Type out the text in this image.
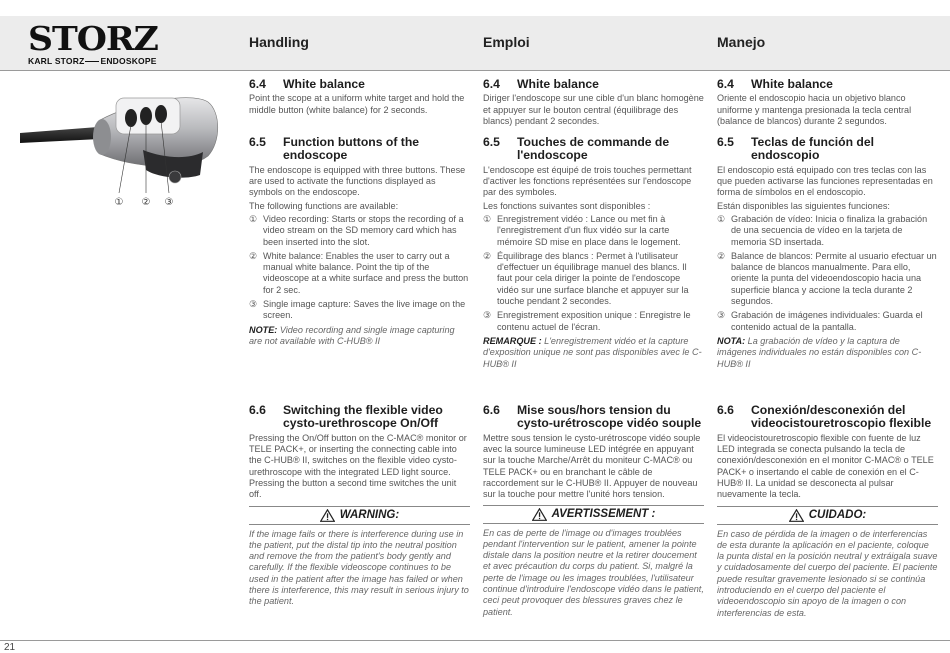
STORZ
KARL STORZ ENDOSKOPE
Handling	Emploi	Manejo
① ② ③
6.4	White balance

Point the scope at a uniform white target and hold the middle button (white balance) for 2 seconds.

6.5	Function buttons of the endoscope

The endoscope is equipped with three buttons. These are used to activate the functions displayed as symbols on the endoscope.

The following functions are available:

① Video recording: Starts or stops the recording of a video stream on the SD memory card which has been inserted into the slot.
② White balance: Enables the user to carry out a manual white balance. Point the tip of the videoscope at a white surface and press the button for 2 sec.
③ Single image capture: Saves the live image on the screen.
NOTE: Video recording and single image capturing are not available with C-HUB® II
6.6	Switching the flexible video cysto-urethroscope On/Off

Pressing the On/Off button on the C-MAC® monitor or TELE PACK+, or inserting the connecting cable into the C-HUB® II, switches on the flexible video cysto-urethroscope with the integrated LED light source. Pressing the button a second time switches the unit off.

WARNING:
If the image fails or there is interference during use in the patient, put the distal tip into the neutral position and remove the from the patient's body gently and carefully. If the flexible videoscope continues to be used in the patient after the image has failed or when there is interference, this may result in serious injury to the patient.
6.4	White balance

Diriger l'endoscope sur une cible d'un blanc homogène et appuyer sur le bouton central (équilibrage des blancs) pendant 2 secondes.

6.5	Touches de commande de l'endoscope

L'endoscope est équipé de trois touches permettant d'activer les fonctions représentées sur l'endoscope par des symboles.

Les fonctions suivantes sont disponibles :

① Enregistrement vidéo : Lance ou met fin à l'enregistrement d'un flux vidéo sur la carte mémoire SD mise en place dans le logement.
② Équilibrage des blancs : Permet à l'utilisateur d'effectuer un équilibrage manuel des blancs. Il faut pour cela diriger la pointe de l'endoscope vidéo sur une surface blanche et appuyer sur la touche pendant 2 secondes.
③ Enregistrement exposition unique : Enregistre le contenu actuel de l'écran.
REMARQUE : L'enregistrement vidéo et la capture d'exposition unique ne sont pas disponibles avec le C-HUB® II
6.6	Mise sous/hors tension du cysto-urétroscope vidéo souple

Mettre sous tension le cysto-urétroscope vidéo souple avec la source lumineuse LED intégrée en appuyant sur la touche Marche/Arrêt du moniteur C-MAC® ou TELE PACK+ ou en branchant le câble de raccordement sur le C-HUB® II. Appuyer de nouveau sur la touche pour mettre l'unité hors tension.

AVERTISSEMENT :
En cas de perte de l'image ou d'images troublées pendant l'intervention sur le patient, amener la pointe distale dans la position neutre et la retirer doucement et avec précaution du corps du patient. Si, malgré la perte de l'image ou les images troublées, l'utilisateur continue d'introduire l'endoscope vidéo dans le patient, ceci peut provoquer des blessures graves chez le patient.
6.4	White balance

Oriente el endoscopio hacia un objetivo blanco uniforme y mantenga presionada la tecla central (balance de blancos) durante 2 segundos.

6.5	Teclas de función del endoscopio

El endoscopio está equipado con tres teclas con las que pueden activarse las funciones representadas en forma de símbolos en el endoscopio.

Están disponibles las siguientes funciones:

① Grabación de vídeo: Inicia o finaliza la grabación de una secuencia de vídeo en la tarjeta de memoria SD insertada.
② Balance de blancos: Permite al usuario efectuar un balance de blancos manualmente. Para ello, oriente la punta del videoendoscopio hacia una superficie blanca y accione la tecla durante 2 segundos.
③ Grabación de imágenes individuales: Guarda el contenido actual de la pantalla.
NOTA: La grabación de vídeo y la captura de imágenes individuales no están disponibles con C-HUB® II
6.6	Conexión/desconexión del videocistouretroscopio flexible

El videocistouretroscopio flexible con fuente de luz LED integrada se conecta pulsando la tecla de conexión/desconexión en el monitor C-MAC® o TELE PACK+ o insertando el cable de conexión en el C-HUB® II. La unidad se desconecta al pulsar nuevamente la tecla.

CUIDADO:
En caso de pérdida de la imagen o de interferencias de esta durante la aplicación en el paciente, coloque la punta distal en la posición neutral y extráigala suave y cuidadosamente del cuerpo del paciente. El paciente puede resultar gravemente lesionado si se continúa introduciendo en el cuerpo del paciente el videoendoscopio sin apoyo de la imagen o con interferencias de esta.
21
